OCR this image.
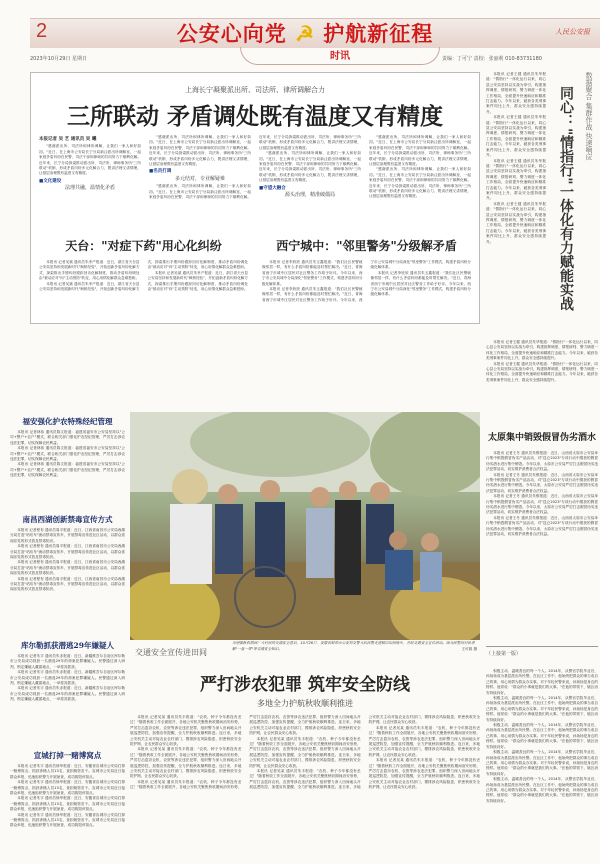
2	公安心向党 ☭ 护航新征程	人民公安报
时讯
2023年10月29日 星期日	责编：丁可宁 责校：张丽莉 010-83731180
上海长宁凝聚派出所、司法所、律所调解合力
三所联动 矛盾调处既有温度又有精度
本报记者 吴 艺 通讯员 吴 曦

"感谢派出所、司法所和律所调解，让我们一家人和好如初。"近日，在上海市公安局长宁分局新泾派出所调解室，一起家庭矛盾纠纷在民警、司法干部和律师的共同努力下顺利化解。近年来，长宁分局探索推动派出所、司法所、律师事务所"三所联动"机制，形成矛盾纠纷多元化解合力，既讲法理又讲情理，让基层治理既有温度又有精度。

■文化建设
法理共融，温情化矛盾

"感谢派出所、司法所和律所调解，让我们一家人和好如初。"近日，在上海市公安局长宁分局新泾派出所调解室，一起家庭矛盾纠纷在民警、司法干部和律师的共同努力下顺利化解。近年来，长宁分局探索推动派出所、司法所、律师事务所"三所联动"机制，形成矛盾纠纷多元化解合力，既讲法理又讲情理，让基层治理既有温度又有精度。

■名员打调
多元结对，专业解疑难

"感谢派出所、司法所和律所调解，让我们一家人和好如初。"近日，在上海市公安局长宁分局新泾派出所调解室，一起家庭矛盾纠纷在民警、司法干部和律师的共同努力下顺利化解。近年来，长宁分局探索推动派出所、司法所、律师事务所"三所联动"机制，形成矛盾纠纷多元化解合力，既讲法理又讲情理，让基层治理既有温度又有精度。

"感谢派出所、司法所和律所调解，让我们一家人和好如初。"近日，在上海市公安局长宁分局新泾派出所调解室，一起家庭矛盾纠纷在民警、司法干部和律师的共同努力下顺利化解。近年来，长宁分局探索推动派出所、司法所、律师事务所"三所联动"机制，形成矛盾纠纷多元化解合力，既讲法理又讲情理，让基层治理既有温度又有精度。

■守望大融合
源头治理，精准破僵局

"感谢派出所、司法所和律所调解，让我们一家人和好如初。"近日，在上海市公安局长宁分局新泾派出所调解室，一起家庭矛盾纠纷在民警、司法干部和律师的共同努力下顺利化解。近年来，长宁分局探索推动派出所、司法所、律师事务所"三所联动"机制，形成矛盾纠纷多元化解合力，既讲法理又讲情理，让基层治理既有温度又有精度。

"感谢派出所、司法所和律所调解，让我们一家人和好如初。"近日，在上海市公安局长宁分局新泾派出所调解室，一起家庭矛盾纠纷在民警、司法干部和律师的共同努力下顺利化解。近年来，长宁分局探索推动派出所、司法所、律师事务所"三所联动"机制，形成矛盾纠纷多元化解合力，既讲法理又讲情理，让基层治理既有温度又有精度。

天台："对症下药"用心化纠纷

本报讯 记者吴斌 通讯员朱孝产报道：近日，浙江省天台县公安局坚持和发展新时代"枫桥经验"，开拓创新矛盾纠纷化解方式，探索推出手册纠纷跟踪回访化解制度，推动矛盾纠纷调处由"被动应对"向"主动预防"转变，用心用情化解群众急难愁盼。

本报讯 记者吴斌 通讯员朱孝产报道：近日，浙江省天台县公安局坚持和发展新时代"枫桥经验"，开拓创新矛盾纠纷化解方式，探索推出手册纠纷跟踪回访化解制度，推动矛盾纠纷调处由"被动应对"向"主动预防"转变，用心用情化解群众急难愁盼。

本报讯 记者吴斌 通讯员朱孝产报道：近日，浙江省天台县公安局坚持和发展新时代"枫桥经验"，开拓创新矛盾纠纷化解方式，探索推出手册纠纷跟踪回访化解制度，推动矛盾纠纷调处由"被动应对"向"主动预防"转变，用心用情化解群众急难愁盼。

西宁城中："邻里警务"分级解矛盾

本报讯 记者李欣欣 通讯员朱玉鑫报道："我们社区民警就像邻居一样，有什么矛盾纠纷都能及时帮忙解决。"近日，青海省西宁市城中区居民对社区警务工作给予好评。今年以来，西宁市公安局城中分局深化"邻里警务"工作模式，构建矛盾纠纷分级化解体系。

本报讯 记者李欣欣 通讯员朱玉鑫报道："我们社区民警就像邻居一样，有什么矛盾纠纷都能及时帮忙解决。"近日，青海省西宁市城中区居民对社区警务工作给予好评。今年以来，西宁市公安局城中分局深化"邻里警务"工作模式，构建矛盾纠纷分级化解体系。

本报讯 记者李欣欣 通讯员朱玉鑫报道："我们社区民警就像邻居一样，有什么矛盾纠纷都能及时帮忙解决。"近日，青海省西宁市城中区居民对社区警务工作给予好评。今年以来，西宁市公安局城中分局深化"邻里警务"工作模式，构建矛盾纠纷分级化解体系。

本报讯 记者王健 通讯员朱华报道："情指行"一体化运行以来，同心县公安局坚持以实战为牵引，构建指挥调度、情报研判、警力调度一体化工作格局，全面提升快速响应和精准打击能力。今年以来，破获各类刑事案件同比上升，群众安全感持续提升。

本报讯 记者王健 通讯员朱华报道："情指行"一体化运行以来，同心县公安局坚持以实战为牵引，构建指挥调度、情报研判、警力调度一体化工作格局，全面提升快速响应和精准打击能力。今年以来，破获各类刑事案件同比上升，群众安全感持续提升。

本报讯 记者王健 通讯员朱华报道："情指行"一体化运行以来，同心县公安局坚持以实战为牵引，构建指挥调度、情报研判、警力调度一体化工作格局，全面提升快速响应和精准打击能力。今年以来，破获各类刑事案件同比上升，群众安全感持续提升。

本报讯 记者王健 通讯员朱华报道："情指行"一体化运行以来，同心县公安局坚持以实战为牵引，构建指挥调度、情报研判、警力调度一体化工作格局，全面提升快速响应和精准打击能力。今年以来，破获各类刑事案件同比上升，群众安全感持续提升。

数据聚合 集群作战 快速响应
同心："情指行"一体化有力赋能实战

本报讯 记者王健 通讯员朱华报道："情指行"一体化运行以来，同心县公安局坚持以实战为牵引，构建指挥调度、情报研判、警力调度一体化工作格局，全面提升快速响应和精准打击能力。今年以来，破获各类刑事案件同比上升，群众安全感持续提升。

本报讯 记者王健 通讯员朱华报道："情指行"一体化运行以来，同心县公安局坚持以实战为牵引，构建指挥调度、情报研判、警力调度一体化工作格局，全面提升快速响应和精准打击能力。今年以来，破获各类刑事案件同比上升，群众安全感持续提升。

太原集中销毁假冒伪劣酒水

本报讯 记者王冬 通讯员朱维报道：近日，山西省太原市公安局举行集中销毁假冒伪劣产品活动，对"昆仑2023"专项行动中缴获的假冒伪劣酒水进行集中销毁。今年以来，太原市公安局严厉打击假冒伪劣违法犯罪活动，切实维护消费者合法权益。

本报讯 记者王冬 通讯员朱维报道：近日，山西省太原市公安局举行集中销毁假冒伪劣产品活动，对"昆仑2023"专项行动中缴获的假冒伪劣酒水进行集中销毁。今年以来，太原市公安局严厉打击假冒伪劣违法犯罪活动，切实维护消费者合法权益。

本报讯 记者王冬 通讯员朱维报道：近日，山西省太原市公安局举行集中销毁假冒伪劣产品活动，对"昆仑2023"专项行动中缴获的假冒伪劣酒水进行集中销毁。今年以来，太原市公安局严厉打击假冒伪劣违法犯罪活动，切实维护消费者合法权益。

本报讯 记者王冬 通讯员朱维报道：近日，山西省太原市公安局举行集中销毁假冒伪劣产品活动，对"昆仑2023"专项行动中缴获的假冒伪劣酒水进行集中销毁。今年以来，太原市公安局严厉打击假冒伪劣违法犯罪活动，切实维护消费者合法权益。

（上接第一版）

积极主动、温暖善良的每一个人。2014年，从警官学院毕业后，孙扬扬成为基层派出所民警。在社区工作中，他始终把群众的事当成自己的事，用心用情为群众办实事。对于年轻民警来说，孙扬扬是身边的榜样。他常说："群众的小事就是我们的大事。"在他的带领下，辖区治安持续向好。

积极主动、温暖善良的每一个人。2014年，从警官学院毕业后，孙扬扬成为基层派出所民警。在社区工作中，他始终把群众的事当成自己的事，用心用情为群众办实事。对于年轻民警来说，孙扬扬是身边的榜样。他常说："群众的小事就是我们的大事。"在他的带领下，辖区治安持续向好。

积极主动、温暖善良的每一个人。2014年，从警官学院毕业后，孙扬扬成为基层派出所民警。在社区工作中，他始终把群众的事当成自己的事，用心用情为群众办实事。对于年轻民警来说，孙扬扬是身边的榜样。他常说："群众的小事就是我们的大事。"在他的带领下，辖区治安持续向好。

积极主动、温暖善良的每一个人。2014年，从警官学院毕业后，孙扬扬成为基层派出所民警。在社区工作中，他始终把群众的事当成自己的事，用心用情为群众办实事。对于年轻民警来说，孙扬扬是身边的榜样。他常说："群众的小事就是我们的大事。"在他的带领下，辖区治安持续向好。

积极主动、温暖善良的每一个人。2014年，从警官学院毕业后，孙扬扬成为基层派出所民警。在社区工作中，他始终把群众的事当成自己的事，用心用情为群众办实事。对于年轻民警来说，孙扬扬是身边的榜样。他常说："群众的小事就是我们的大事。"在他的带领下，辖区治安持续向好。

福安强化护农特殊经纪管理

本报讯 记者林伟 通讯员陈文报道：福建省福安市公安局坚持以"公司+警户+农户"模式，联合相关部门强化护农经纪管理，严厉打击涉农违法犯罪，切实保障农民利益。

本报讯 记者林伟 通讯员陈文报道：福建省福安市公安局坚持以"公司+警户+农户"模式，联合相关部门强化护农经纪管理，严厉打击涉农违法犯罪，切实保障农民利益。

本报讯 记者林伟 通讯员陈文报道：福建省福安市公安局坚持以"公司+警户+农户"模式，联合相关部门强化护农经纪管理，严厉打击涉农违法犯罪，切实保障农民利益。

南昌西湖创新禁毒宣传方式

本报讯 记者程有 通讯员周平报道：近日，江西省南昌市公安局西湖分局打造"咕咕车"流动禁毒宣传车，开展禁毒宣传进社区活动，以群众喜闻乐见的形式普及禁毒知识。

本报讯 记者程有 通讯员周平报道：近日，江西省南昌市公安局西湖分局打造"咕咕车"流动禁毒宣传车，开展禁毒宣传进社区活动，以群众喜闻乐见的形式普及禁毒知识。

本报讯 记者程有 通讯员周平报道：近日，江西省南昌市公安局西湖分局打造"咕咕车"流动禁毒宣传车，开展禁毒宣传进社区活动，以群众喜闻乐见的形式普及禁毒知识。

本报讯 记者程有 通讯员周平报道：近日，江西省南昌市公安局西湖分局打造"咕咕车"流动禁毒宣传车，开展禁毒宣传进社区活动，以群众喜闻乐见的形式普及禁毒知识。

库尔勒抓获潜逃29年嫌疑人

本报讯 记者朱宇 通讯员朱赤报道：近日，新疆维吾尔自治区库尔勒市公安局成功抓获一名潜逃29年的命案犯罪嫌疑人。民警通过深入研判，锁定嫌疑人藏匿地点，一举将其抓获。

本报讯 记者朱宇 通讯员朱赤报道：近日，新疆维吾尔自治区库尔勒市公安局成功抓获一名潜逃29年的命案犯罪嫌疑人。民警通过深入研判，锁定嫌疑人藏匿地点，一举将其抓获。

本报讯 记者朱宇 通讯员朱赤报道：近日，新疆维吾尔自治区库尔勒市公安局成功抓获一名潜逃29年的命案犯罪嫌疑人。民警通过深入研判，锁定嫌疑人藏匿地点，一举将其抓获。

宣城打掉一赌博窝点

本报讯 记者朱宇 通讯员徐华报道：近日，安徽省宣城市公安局打掉一赌博窝点，抓获涉赌人员13名，查扣赌资若干。宣城市公安局近日接群众举报，迅速组织警力开展侦查，成功捣毁该窝点。

本报讯 记者朱宇 通讯员徐华报道：近日，安徽省宣城市公安局打掉一赌博窝点，抓获涉赌人员13名，查扣赌资若干。宣城市公安局近日接群众举报，迅速组织警力开展侦查，成功捣毁该窝点。

本报讯 记者朱宇 通讯员徐华报道：近日，安徽省宣城市公安局打掉一赌博窝点，抓获涉赌人员13名，查扣赌资若干。宣城市公安局近日接群众举报，迅速组织警力开展侦查，成功捣毁该窝点。

本报讯 记者朱宇 通讯员徐华报道：近日，安徽省宣城市公安局打掉一赌博窝点，抓获涉赌人员13名，查扣赌资若干。宣城市公安局近日接群众举报，迅速组织警力开展侦查，成功捣毁该窝点。

交通安全宣传进田间
为增强秋收期间广大村民的交通安全意识，10月26日，安徽省蚌埠市公安局交警大队民警走进稻田田间地头，开展交通安全宣传活动。图为民警向村民讲解"一盔一带"等交通安全知识。	王可源 摄
严打涉农犯罪 筑牢安全防线
多地全力护航秋收顺利推进

本报讯 记者吴某 通讯员朱丰报道："农机、种子今年都没有丢过！"随着秋收工作全面展开，各地公安机关聚焦秋收期间治安形势，严厉打击盗窃农机、农资等涉农违法犯罪，组织警力深入田间地头开展巡逻防控，加强宣传提醒，全力护航秋收顺利推进。连日来，多地公安机关主动对接农业农村部门，摸排涉农风险隐患，织密秋收安全防护网，让农民群众安心收获。

本报讯 记者吴某 通讯员朱丰报道："农机、种子今年都没有丢过！"随着秋收工作全面展开，各地公安机关聚焦秋收期间治安形势，严厉打击盗窃农机、农资等涉农违法犯罪，组织警力深入田间地头开展巡逻防控，加强宣传提醒，全力护航秋收顺利推进。连日来，多地公安机关主动对接农业农村部门，摸排涉农风险隐患，织密秋收安全防护网，让农民群众安心收获。

本报讯 记者吴某 通讯员朱丰报道："农机、种子今年都没有丢过！"随着秋收工作全面展开，各地公安机关聚焦秋收期间治安形势，严厉打击盗窃农机、农资等涉农违法犯罪，组织警力深入田间地头开展巡逻防控，加强宣传提醒，全力护航秋收顺利推进。连日来，多地公安机关主动对接农业农村部门，摸排涉农风险隐患，织密秋收安全防护网，让农民群众安心收获。

本报讯 记者吴某 通讯员朱丰报道："农机、种子今年都没有丢过！"随着秋收工作全面展开，各地公安机关聚焦秋收期间治安形势，严厉打击盗窃农机、农资等涉农违法犯罪，组织警力深入田间地头开展巡逻防控，加强宣传提醒，全力护航秋收顺利推进。连日来，多地公安机关主动对接农业农村部门，摸排涉农风险隐患，织密秋收安全防护网，让农民群众安心收获。

本报讯 记者吴某 通讯员朱丰报道："农机、种子今年都没有丢过！"随着秋收工作全面展开，各地公安机关聚焦秋收期间治安形势，严厉打击盗窃农机、农资等涉农违法犯罪，组织警力深入田间地头开展巡逻防控，加强宣传提醒，全力护航秋收顺利推进。连日来，多地公安机关主动对接农业农村部门，摸排涉农风险隐患，织密秋收安全防护网，让农民群众安心收获。

本报讯 记者吴某 通讯员朱丰报道："农机、种子今年都没有丢过！"随着秋收工作全面展开，各地公安机关聚焦秋收期间治安形势，严厉打击盗窃农机、农资等涉农违法犯罪，组织警力深入田间地头开展巡逻防控，加强宣传提醒，全力护航秋收顺利推进。连日来，多地公安机关主动对接农业农村部门，摸排涉农风险隐患，织密秋收安全防护网，让农民群众安心收获。

本报讯 记者吴某 通讯员朱丰报道："农机、种子今年都没有丢过！"随着秋收工作全面展开，各地公安机关聚焦秋收期间治安形势，严厉打击盗窃农机、农资等涉农违法犯罪，组织警力深入田间地头开展巡逻防控，加强宣传提醒，全力护航秋收顺利推进。连日来，多地公安机关主动对接农业农村部门，摸排涉农风险隐患，织密秋收安全防护网，让农民群众安心收获。
